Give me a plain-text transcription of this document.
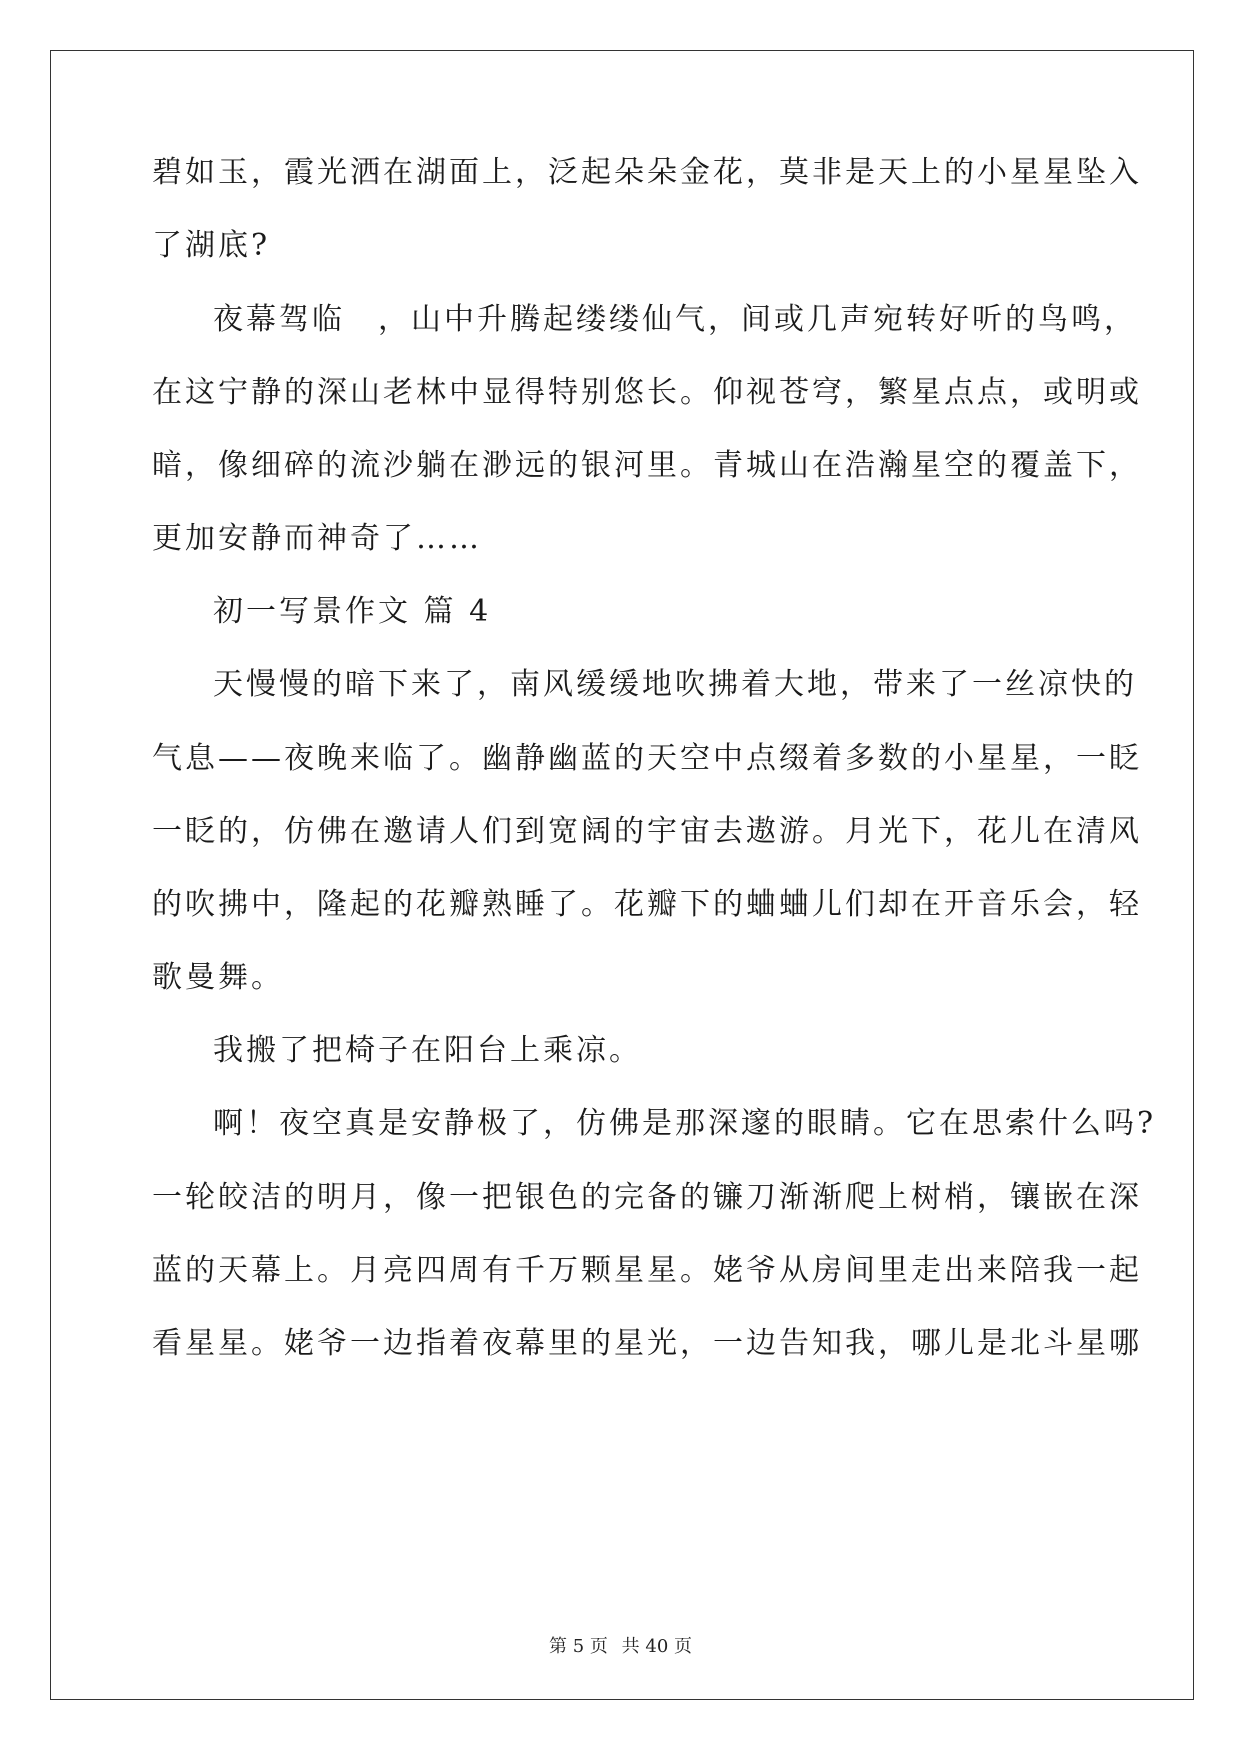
碧如玉，霞光洒在湖面上，泛起朵朵金花，莫非是天上的小星星坠入
了湖底?
夜幕驾临　，山中升腾起缕缕仙气，间或几声宛转好听的鸟鸣，
在这宁静的深山老林中显得特别悠长。仰视苍穹，繁星点点，或明或
暗，像细碎的流沙躺在渺远的银河里。青城山在浩瀚星空的覆盖下，
更加安静而神奇了……
初一写景作文 篇 4
天慢慢的暗下来了，南风缓缓地吹拂着大地，带来了一丝凉快的
气息——夜晚来临了。幽静幽蓝的天空中点缀着多数的小星星，一眨
一眨的，仿佛在邀请人们到宽阔的宇宙去遨游。月光下，花儿在清风
的吹拂中，隆起的花瓣熟睡了。花瓣下的蛐蛐儿们却在开音乐会，轻
歌曼舞。
我搬了把椅子在阳台上乘凉。
啊！夜空真是安静极了，仿佛是那深邃的眼睛。它在思索什么吗?
一轮皎洁的明月，像一把银色的完备的镰刀渐渐爬上树梢，镶嵌在深
蓝的天幕上。月亮四周有千万颗星星。姥爷从房间里走出来陪我一起
看星星。姥爷一边指着夜幕里的星光，一边告知我，哪儿是北斗星哪
第 5 页 共 40 页
